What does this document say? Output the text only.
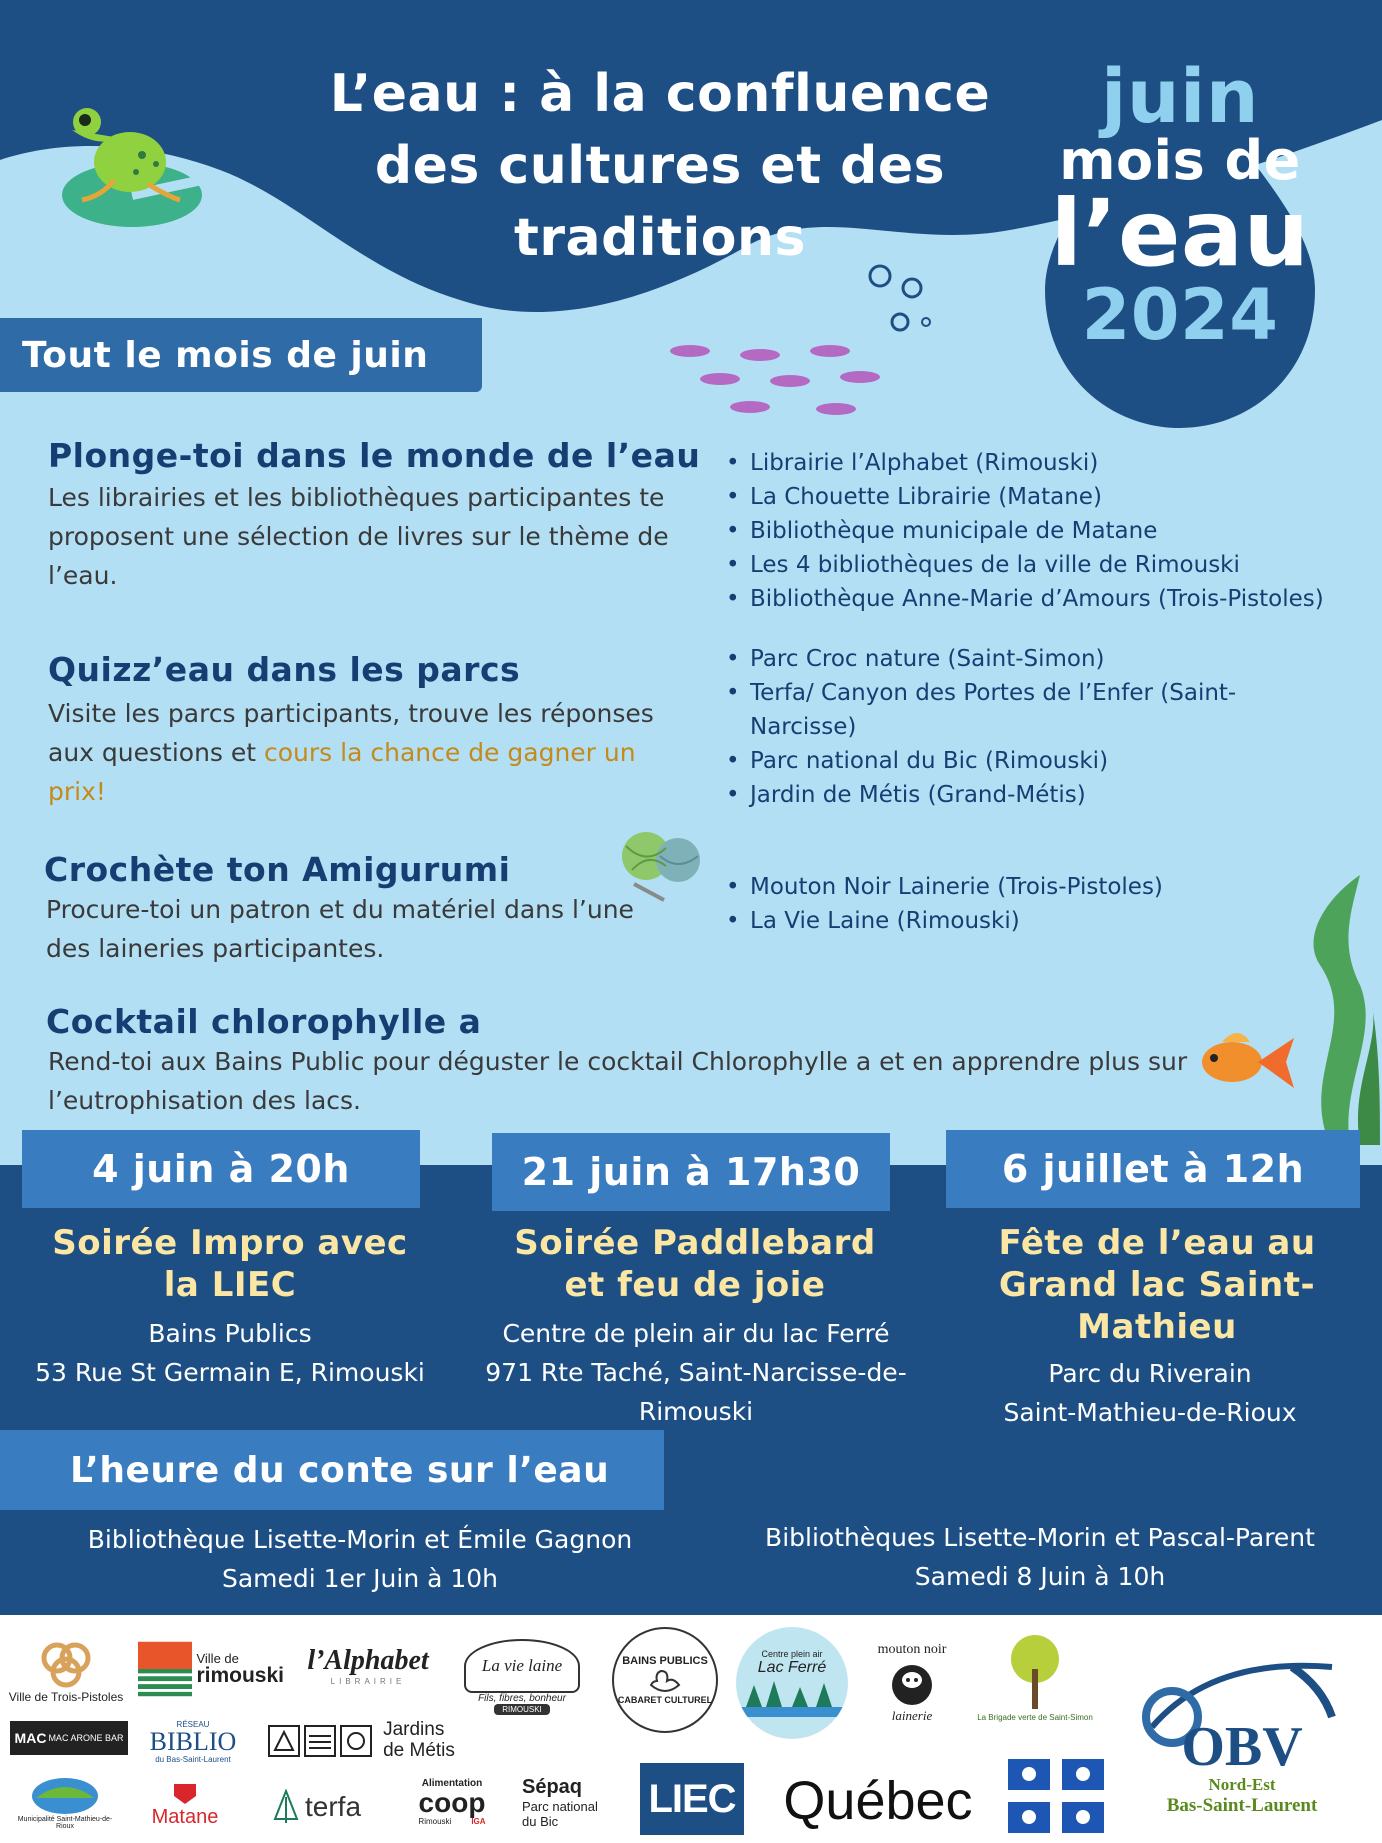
L’eau : à la confluence
des cultures et des
traditions
juin
mois de
l’eau
2024
Tout le mois de juin
Plonge-toi dans le monde de l’eau
Les librairies et les bibliothèques participantes te proposent une sélection de livres sur le thème de l’eau.
• Librairie l’Alphabet (Rimouski)
• La Chouette Librairie (Matane)
• Bibliothèque municipale de Matane
• Les 4 bibliothèques de la ville de Rimouski
• Bibliothèque Anne-Marie d’Amours (Trois-Pistoles)
Quizz’eau dans les parcs
Visite les parcs participants, trouve les réponses aux questions et cours la chance de gagner un prix!
• Parc Croc nature (Saint-Simon)
• Terfa/ Canyon des Portes de l’Enfer (Saint-Narcisse)
• Parc national du Bic (Rimouski)
• Jardin de Métis (Grand-Métis)
Crochète ton Amigurumi
Procure-toi un patron et du matériel dans l’une des laineries participantes.
• Mouton Noir Lainerie (Trois-Pistoles)
• La Vie Laine (Rimouski)
Cocktail chlorophylle a
Rend-toi aux Bains Public pour déguster le cocktail Chlorophylle a et en apprendre plus sur l’eutrophisation des lacs.
4 juin à 20h	21 juin à 17h30	6 juillet à 12h
Soirée Impro avec la LIEC
Bains Publics
53 Rue St Germain E, Rimouski
Soirée Paddlebard et feu de joie
Centre de plein air du lac Ferré
971 Rte Taché, Saint-Narcisse-de-Rimouski
Fête de l’eau au Grand lac Saint-Mathieu
Parc du Riverain
Saint-Mathieu-de-Rioux
L’heure du conte sur l’eau
Bibliothèque Lisette-Morin et Émile Gagnon
Samedi 1er Juin à 10h
Bibliothèques Lisette-Morin et Pascal-Parent
Samedi 8 Juin à 10h
Ville de Trois-Pistoles
Ville de
rimouski l’Alphabet
LIBRAIRIE
La vie laine
Fils, fibres, bonheur
RIMOUSKI
BAINS PUBLICS
CABARET CULTUREL
Centre plein air
Lac Ferré
mouton noir
lainerie	La Brigade verte de Saint-Simon OBV
Nord-Est
Bas-Saint-Laurent
MAC MAC ARONE BAR
RÉSEAU
BIBLIO
du Bas-Saint-Laurent
Jardins
de Métis
Municipalité Saint-Mathieu-de-Rioux	Matane	terfa
Alimentation
coop
Rimouski	IGA
Sépaq
Parc national
du Bic
LIEC Québec
